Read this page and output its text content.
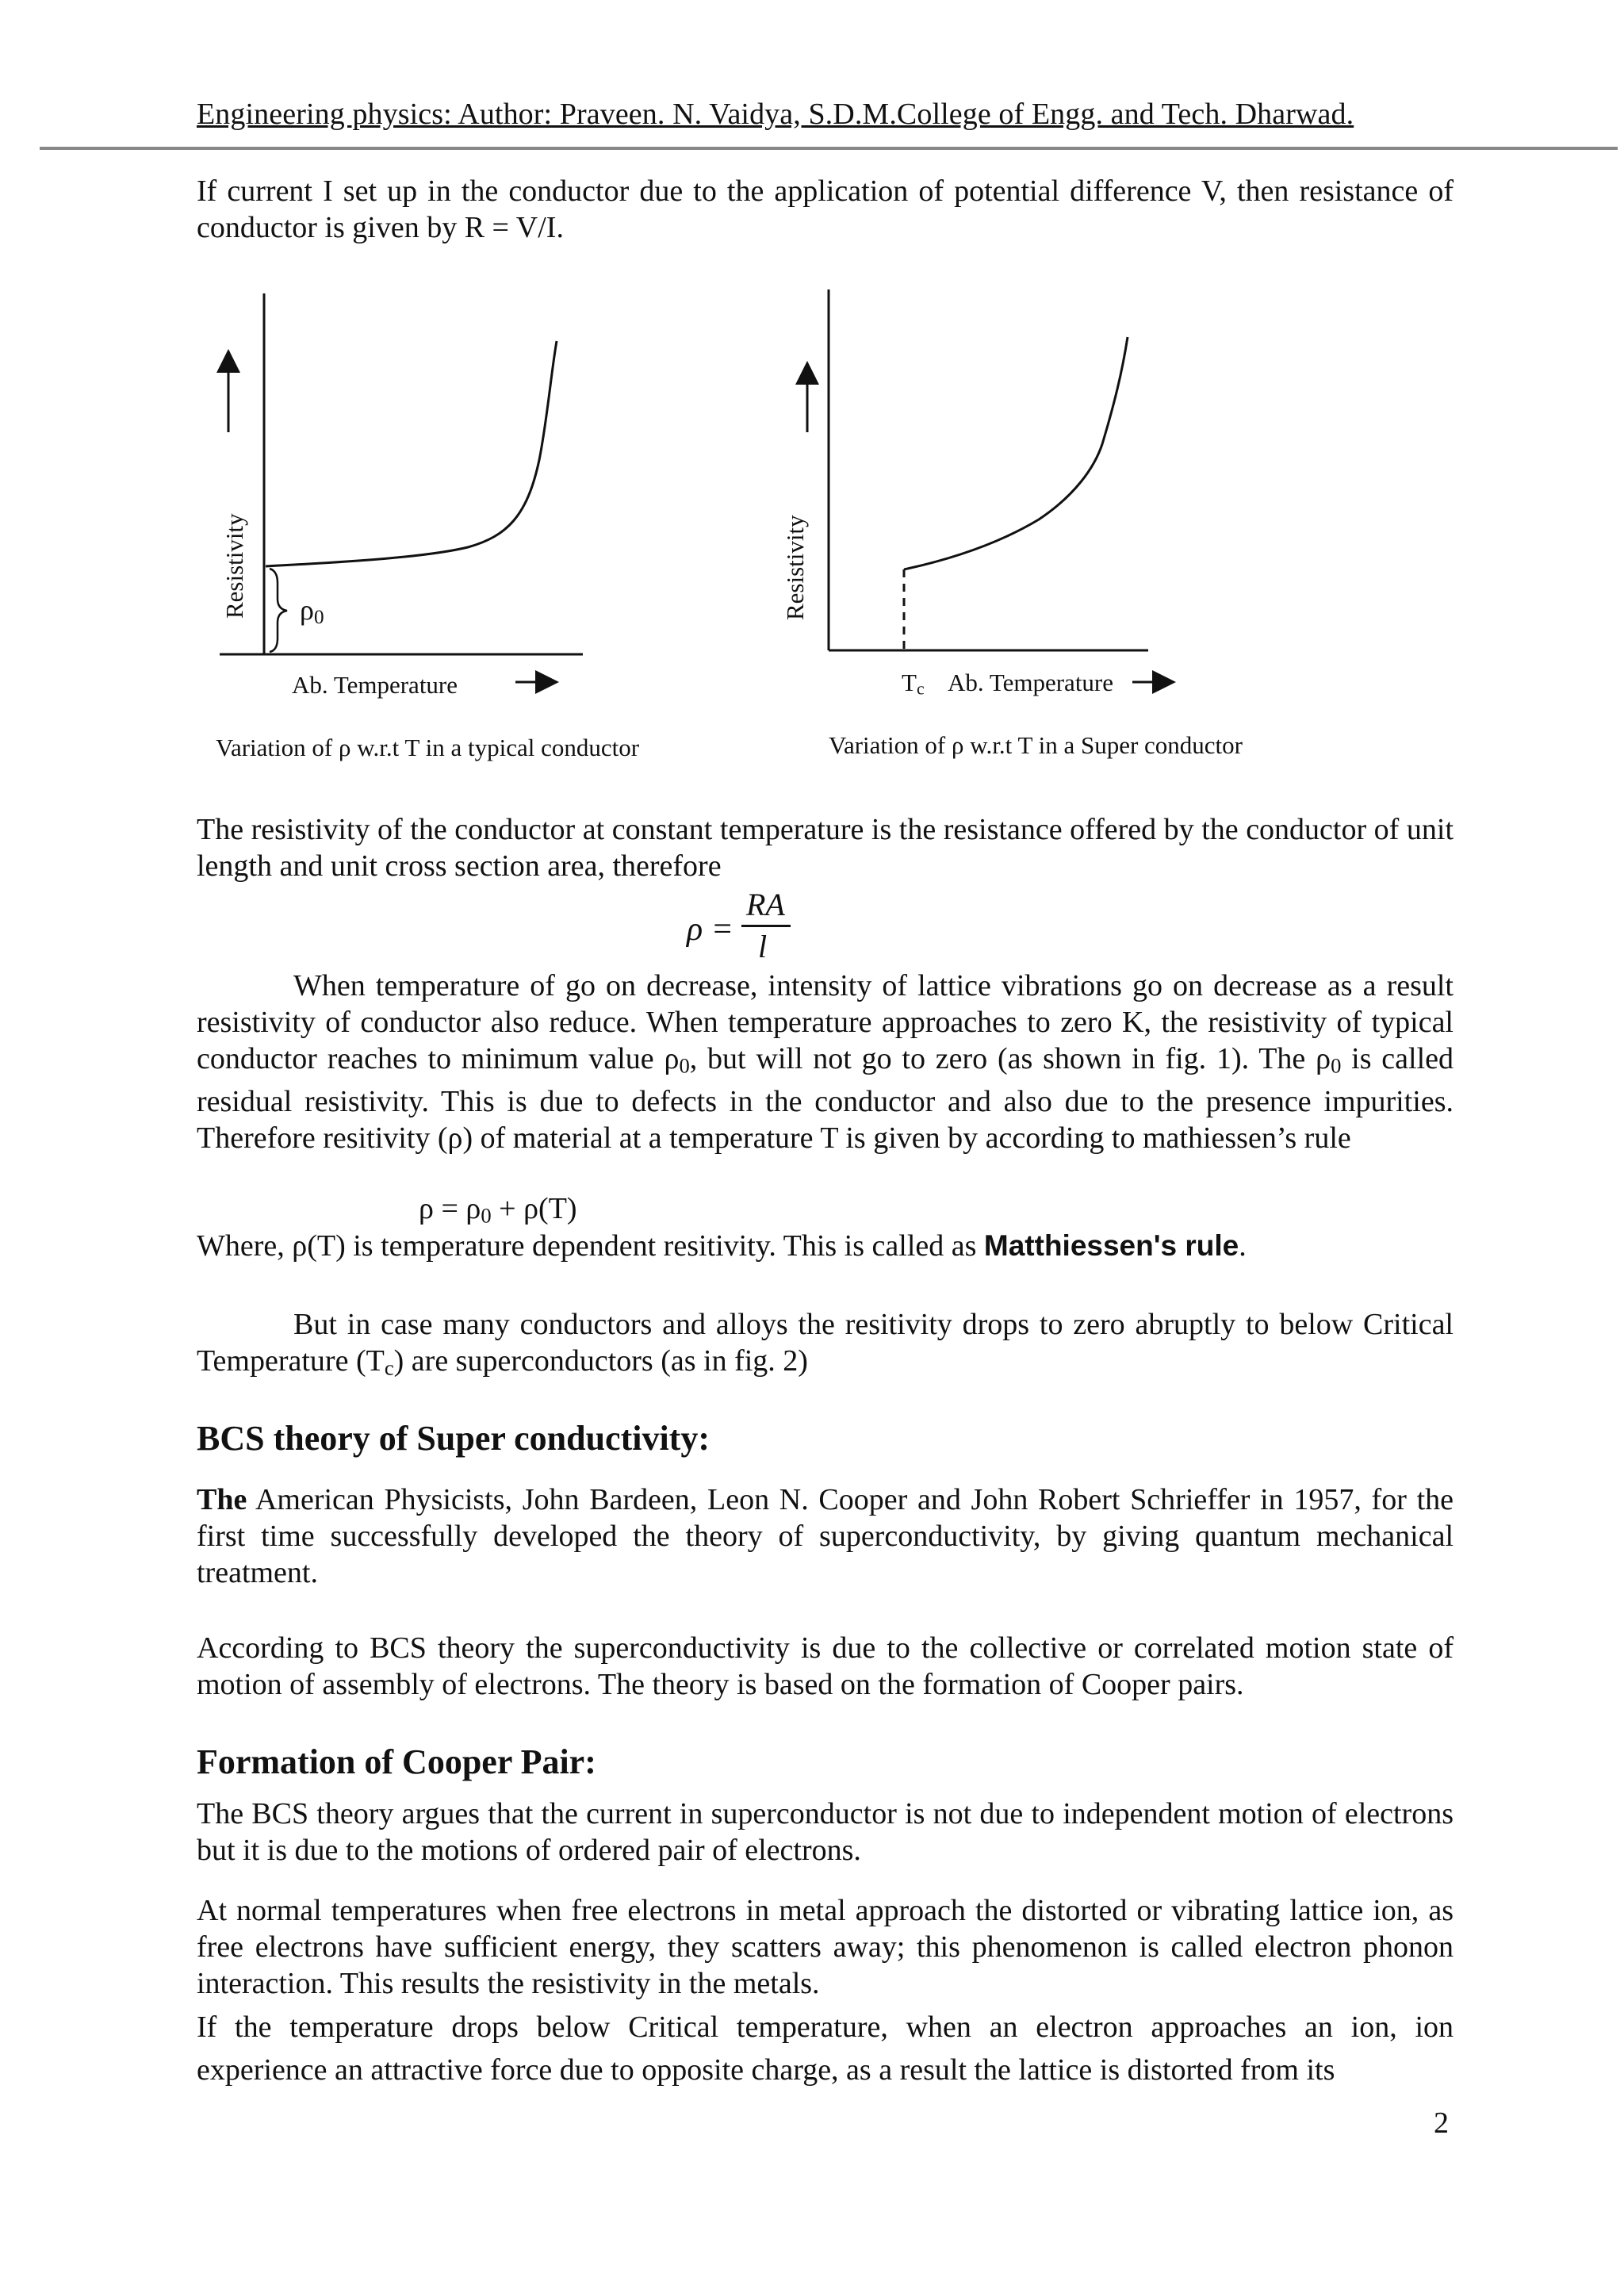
Engineering physics: Author: Praveen. N. Vaidya, S.D.M.College of Engg. and Tech. Dharwad.
If current I set up in the conductor due to the application of potential difference V, then resistance of conductor is given by R = V/I.
Resistivity $\rho_0$
Ab. Temperature
Variation of ρ w.r.t T in a typical conductor
Resistivity
$T_c$ Ab. Temperature
Variation of ρ w.r.t T in a Super conductor
The resistivity of the conductor at constant temperature is the resistance offered by the conductor of unit length and unit cross section area, therefore
ρ =
RA
l
When temperature of go on decrease, intensity of lattice vibrations go on decrease as a result resistivity of conductor also reduce. When temperature approaches to zero K, the resistivity of typical conductor reaches to minimum value $\rho_0$, but will not go to zero (as shown in fig. 1). The $\rho_0$ is called residual resistivity. This is due to defects in the conductor and also due to the presence impurities. Therefore resitivity (ρ) of material at a temperature T is given by according to mathiessen’s rule
$\rho = \rho_0 + \rho(T)$
Where, ρ(T) is temperature dependent resitivity. This is called as Matthiessen's rule.
But in case many conductors and alloys the resitivity drops to zero abruptly to below Critical Temperature $(T_c)$ are superconductors (as in fig. 2)
BCS theory of Super conductivity:
The American Physicists, John Bardeen, Leon N. Cooper and John Robert Schrieffer in 1957, for the first time successfully developed the theory of superconductivity, by giving quantum mechanical treatment.
According to BCS theory the superconductivity is due to the collective or correlated motion state of motion of assembly of electrons. The theory is based on the formation of Cooper pairs.
Formation of Cooper Pair:
The BCS theory argues that the current in superconductor is not due to independent motion of electrons but it is due to the motions of ordered pair of electrons.
At normal temperatures when free electrons in metal approach the distorted or vibrating lattice ion, as free electrons have sufficient energy, they scatters away; this phenomenon is called electron phonon interaction. This results the resistivity in the metals.
If the temperature drops below Critical temperature, when an electron approaches an ion, ion experience an attractive force due to opposite charge, as a result the lattice is distorted from its
2
